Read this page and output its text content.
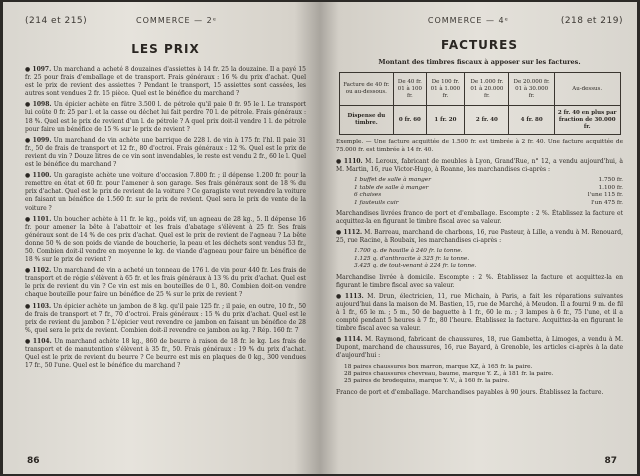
(214 et 215)	COMMERCE — 2ᵉ
LES PRIX
● 1097. Un marchand a acheté 8 douzaines d'assiettes à 14 fr. 25 la douzaine. Il a payé 15 fr. 25 pour frais d'emballage et de transport. Frais généraux : 16 % du prix d'achat. Quel est le prix de revient des assiettes ? Pendant le transport, 15 assiettes sont cassées, les autres sont vendues 2 fr. 15 pièce. Quel est le bénéfice du marchand ?
● 1098. Un épicier achète en fûtre 3.500 l. de pétrole qu'il paie 0 fr. 95 le l. Le transport lui coûte 0 fr. 25 par l. et la casse ou déchet lui fait perdre 70 l. de pétrole. Frais généraux : 18 %. Quel est le prix de revient d'un l. de pétrole ? A quel prix doit-il vendre 1 l. de pétrole pour faire un bénéfice de 15 % sur le prix de revient ?
● 1099. Un marchand de vin achète une barrique de 228 l. de vin à 175 fr. l'hl. Il paie 31 fr., 50 de frais de transport et 12 fr., 80 d'octroi. Frais généraux : 12 %. Quel est le prix de revient du vin ? Douze litres de ce vin sont invendables, le reste est vendu 2 fr., 60 le l. Quel est le bénéfice du marchand ?
● 1100. Un garagiste achète une voiture d'occasion 7.800 fr. ; il dépense 1.200 fr. pour la remettre en état et 60 fr. pour l'amener à son garage. Ses frais généraux sont de 18 % du prix d'achat. Quel est le prix de revient de la voiture ? Ce garagiste veut revendre la voiture en faisant un bénéfice de 1.560 fr. sur le prix de revient. Quel sera le prix de vente de la voiture ?
● 1101. Un boucher achète à 11 fr. le kg., poids vif, un agneau de 28 kg., 5. Il dépense 16 fr. pour amener la bête à l'abattoir et les frais d'abatage s'élèvent à 25 fr. Ses frais généraux sont de 14 % de ces prix d'achat. Quel est le prix de revient de l'agneau ? La bête donne 50 % de son poids de viande de boucherie, la peau et les déchets sont vendus 53 fr., 50. Combien doit-il vendre en moyenne le kg. de viande d'agneau pour faire un bénéfice de 18 % sur le prix de revient ?
● 1102. Un marchand de vin a acheté un tonneau de 176 l. de vin pour 440 fr. Les frais de transport et de régie s'élèvent à 65 fr. et les frais généraux à 13 % du prix d'achat. Quel est le prix de revient du vin ? Ce vin est mis en bouteilles de 0 l., 80. Combien doit-on vendre chaque bouteille pour faire un bénéfice de 25 % sur le prix de revient ?
● 1103. Un épicier achète un jambon de 8 kg. qu'il paie 125 fr. ; il paie, en outre, 10 fr., 50 de frais de transport et 7 fr., 70 d'octroi. Frais généraux : 15 % du prix d'achat. Quel est le prix de revient du jambon ? L'épicier veut revendre ce jambon en faisant un bénéfice de 28 %, quel sera le prix de revient. Combien doit-il revendre ce jambon au kg. ? Rép. 160 fr. 7
● 1104. Un marchand achète 18 kg., 860 de beurre à raison de 18 fr. le kg. Les frais de transport et de manutention s'élèvent à 35 fr., 50. Frais généraux : 19 % du prix d'achat. Quel est le prix de revient du beurre ? Ce beurre est mis en plaques de 0 kg., 300 vendues 17 fr., 50 l'une. Quel est le bénéfice du marchand ?
86
COMMERCE — 4ᵉ	(218 et 219)
FACTURES
Montant des timbres fiscaux à apposer sur les factures.
Facture de 40 fr. ou au-dessous.	De 40 fr. 01 à 100 fr.	De 100 fr. 01 à 1.000 fr.	De 1.000 fr. 01 à 20.000 fr.	De 20.000 fr. 01 à 30.000 fr.	Au-dessus.
Dispense du timbre.	0 fr. 60	1 fr. 20	2 fr. 40	4 fr. 80	2 fr. 40 en plus par fraction de 30.000 fr.
Exemple. — Une facture acquittée de 1.500 fr. est timbrée à 2 fr. 40. Une facture acquittée de 75.000 fr. est timbrée à 14 fr. 40.
● 1110. M. Leroux, fabricant de meubles à Lyon, Grand'Rue, n° 12, a vendu aujourd'hui, à M. Martin, 16, rue Victor-Hugo, à Roanne, les marchandises ci-après :
1 buffet de salle à manger	1.750 fr.
1 table de salle à manger	1.100 fr.
6 chaises	l'une 115 fr.
1 fauteuils cuir	l'un 475 fr.
Marchandises livrées franco de port et d'emballage. Escompte : 2 %. Établissez la facture et acquittez-la en figurant le timbre fiscal avec sa valeur.
● 1112. M. Barreau, marchand de charbons, 16, rue Pasteur, à Lille, a vendu à M. Renouard, 25, rue Racine, à Roubaix, les marchandises ci-après :
1.700 q. de houille à 240 fr. la tonne.
1.125 q. d'anthracite à 325 fr. la tonne.
3.425 q. de tout-venant à 224 fr. la tonne.
Marchandise livrée à domicile. Escompte : 2 %. Établissez la facture et acquittez-la en figurant le timbre fiscal avec sa valeur.
● 1113. M. Drun, électricien, 11, rue Michain, à Paris, a fait les réparations suivantes aujourd'hui dans la maison de M. Bastien, 15, rue de Marché, à Meudon. Il a fourni 9 m. de fil à 1 fr., 65 le m. ; 5 m., 50 de baguette à 1 fr., 60 le m. ; 3 lampes à 6 fr., 75 l'une, et il a compté pendant 5 heures à 7 fr., 80 l'heure. Établissez la facture. Acquittez-la en figurant le timbre fiscal avec sa valeur.
● 1114. M. Raymond, fabricant de chaussures, 18, rue Gambetta, à Limoges, a vendu à M. Dupont, marchand de chaussures, 16, rue Bayard, à Grenoble, les articles ci-après à la date d'aujourd'hui :
18 paires chaussures box marron, marque XZ, à 165 fr. la paire.
28 paires chaussures chevreau, baume, marque Y. Z., à 181 fr. la paire.
25 paires de brodequins, marque Y. V., à 160 fr. la paire.
Franco de port et d'emballage. Marchandises payables à 90 jours. Établissez la facture.
87
